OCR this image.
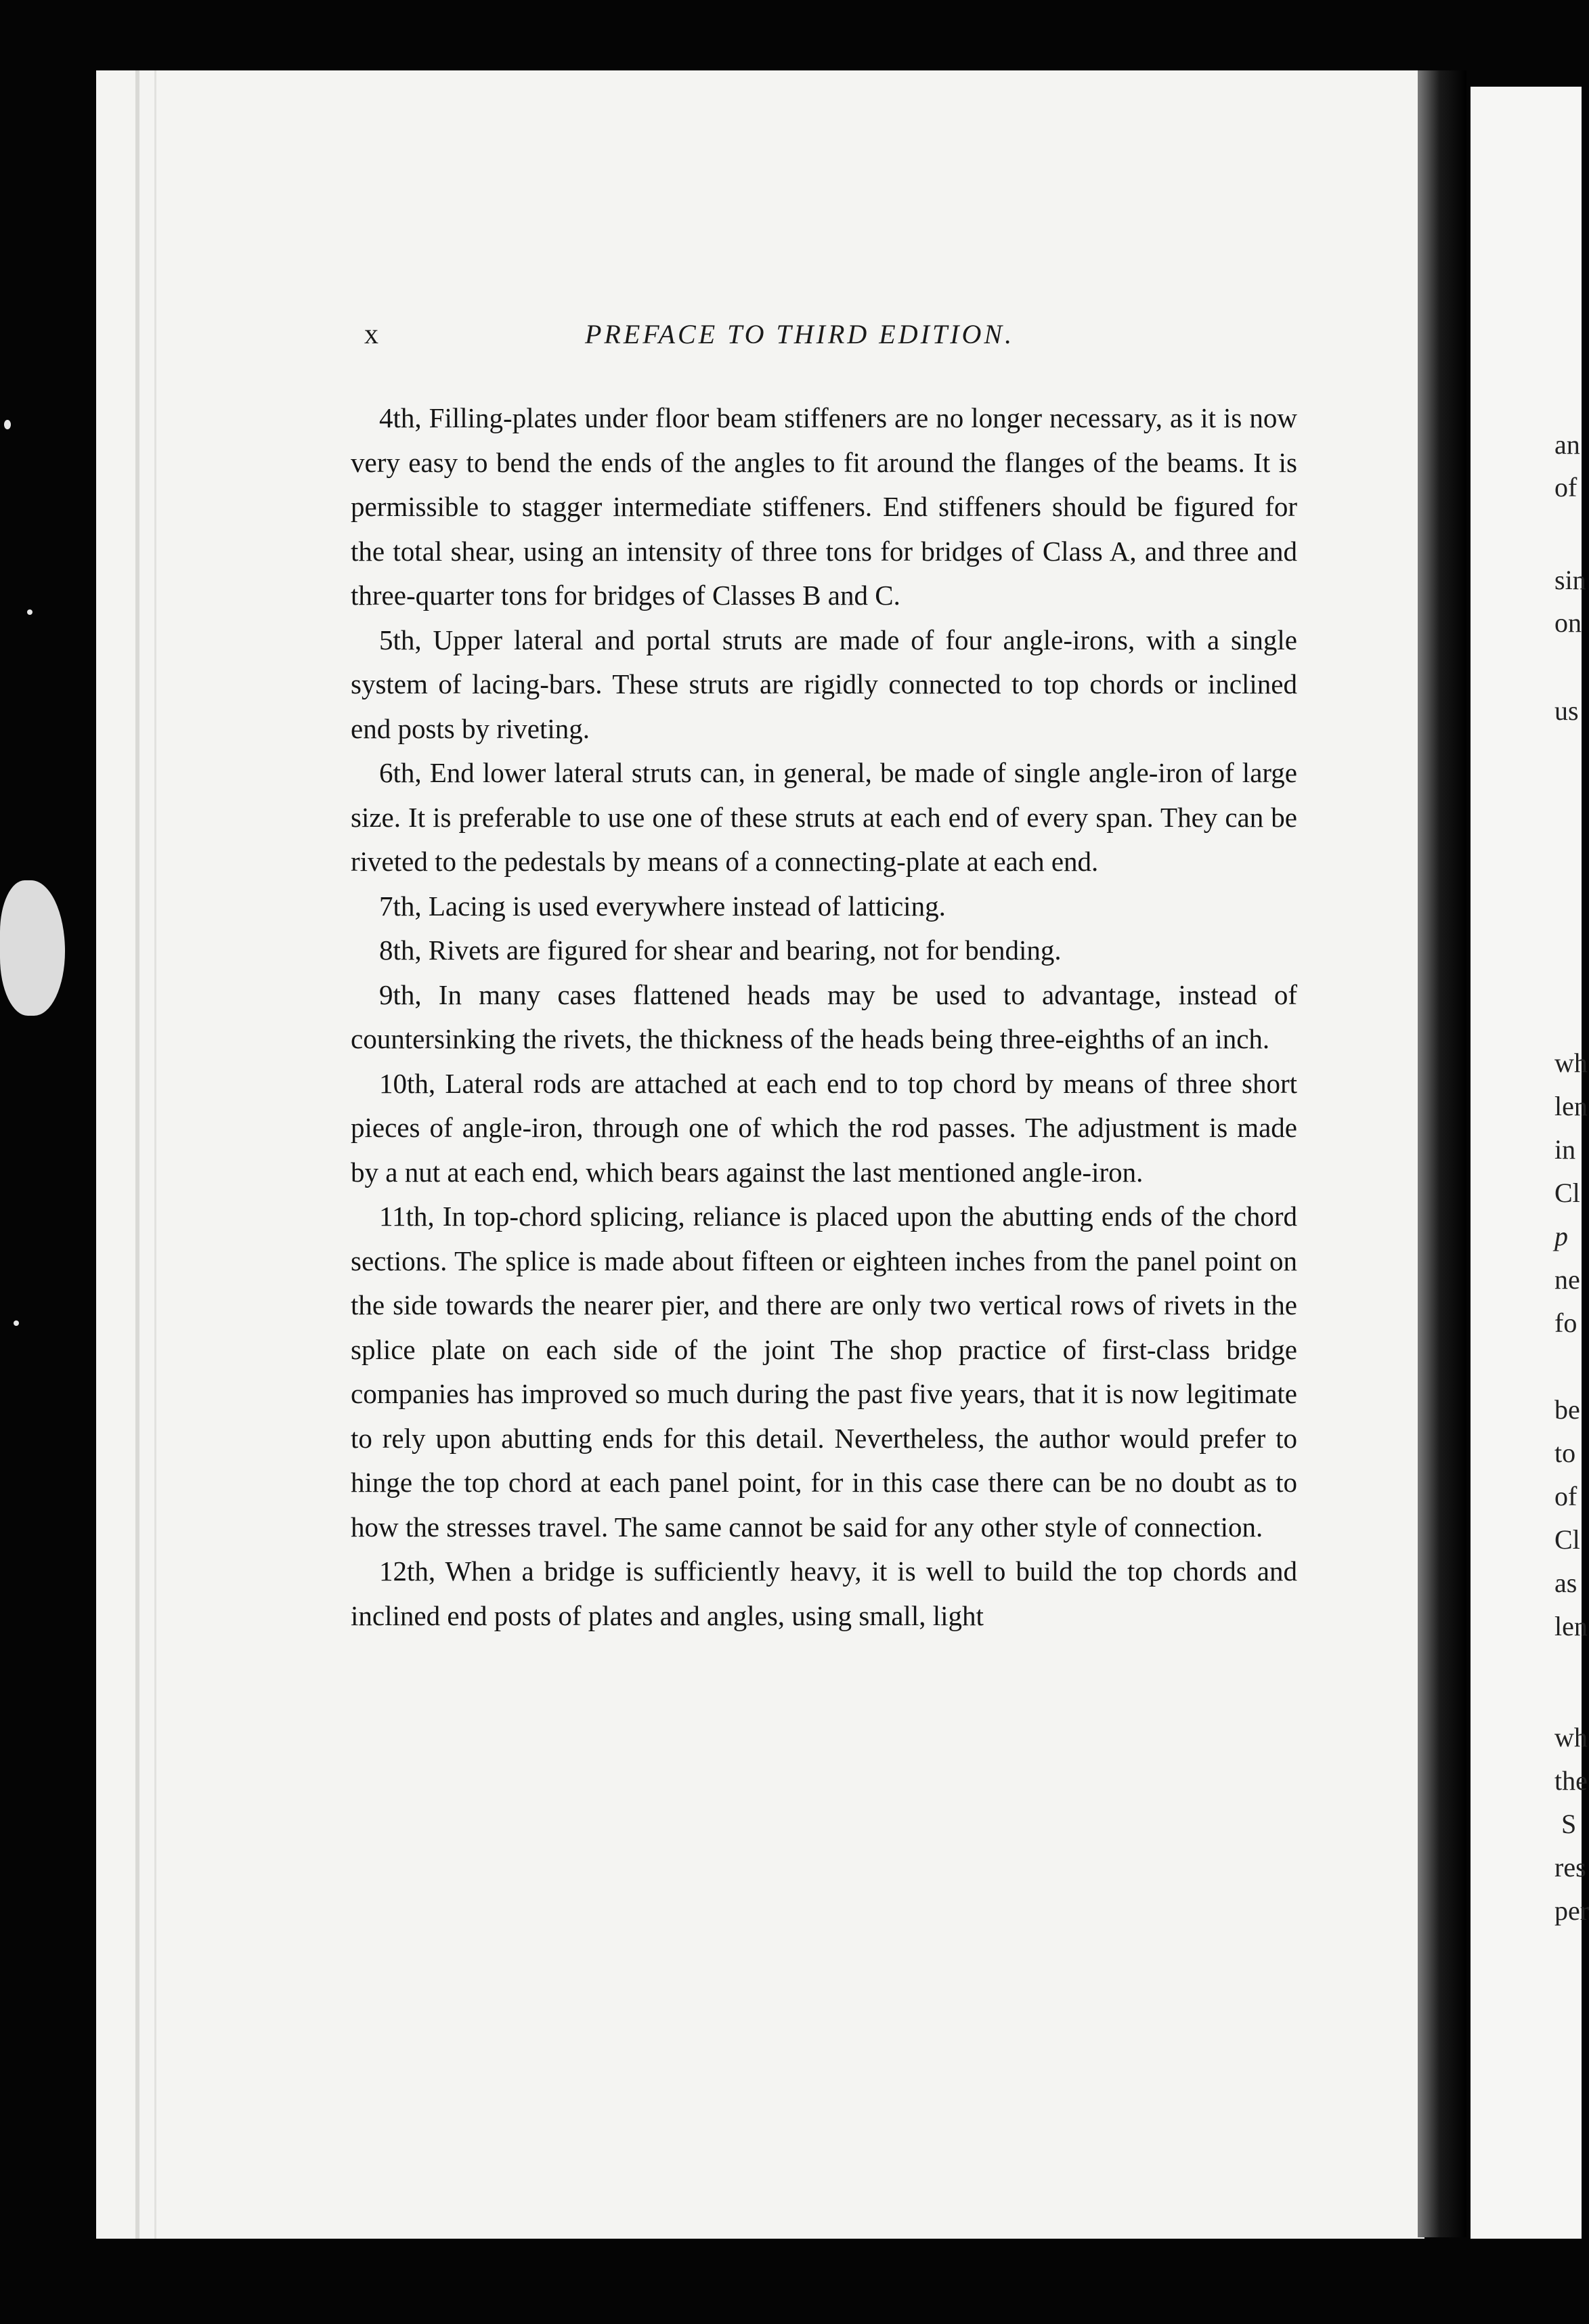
an
of
sin
on
us
wh
len
in
Cl
p
ne
fo
be
to
of
Cl
as
len
wh
the
S
res
per
x	PREFACE TO THIRD EDITION.

4th, Filling-plates under floor beam stiffeners are no longer necessary, as it is now very easy to bend the ends of the angles to fit around the flanges of the beams. It is permissible to stagger intermediate stiffeners. End stiffeners should be figured for the total shear, using an intensity of three tons for bridges of Class A, and three and three-quarter tons for bridges of Classes B and C.

5th, Upper lateral and portal struts are made of four angle-irons, with a single system of lacing-bars. These struts are rigidly connected to top chords or inclined end posts by riveting.

6th, End lower lateral struts can, in general, be made of single angle-iron of large size. It is preferable to use one of these struts at each end of every span. They can be riveted to the pedestals by means of a connecting-plate at each end.

7th, Lacing is used everywhere instead of latticing.

8th, Rivets are figured for shear and bearing, not for bending.

9th, In many cases flattened heads may be used to advantage, instead of countersinking the rivets, the thickness of the heads being three-eighths of an inch.

10th, Lateral rods are attached at each end to top chord by means of three short pieces of angle-iron, through one of which the rod passes. The adjustment is made by a nut at each end, which bears against the last mentioned angle-iron.

11th, In top-chord splicing, reliance is placed upon the abutting ends of the chord sections. The splice is made about fifteen or eighteen inches from the panel point on the side towards the nearer pier, and there are only two vertical rows of rivets in the splice plate on each side of the joint The shop practice of first-class bridge companies has improved so much during the past five years, that it is now legitimate to rely upon abutting ends for this detail. Nevertheless, the author would prefer to hinge the top chord at each panel point, for in this case there can be no doubt as to how the stresses travel. The same cannot be said for any other style of connection.

12th, When a bridge is sufficiently heavy, it is well to build the top chords and inclined end posts of plates and angles, using small, light
